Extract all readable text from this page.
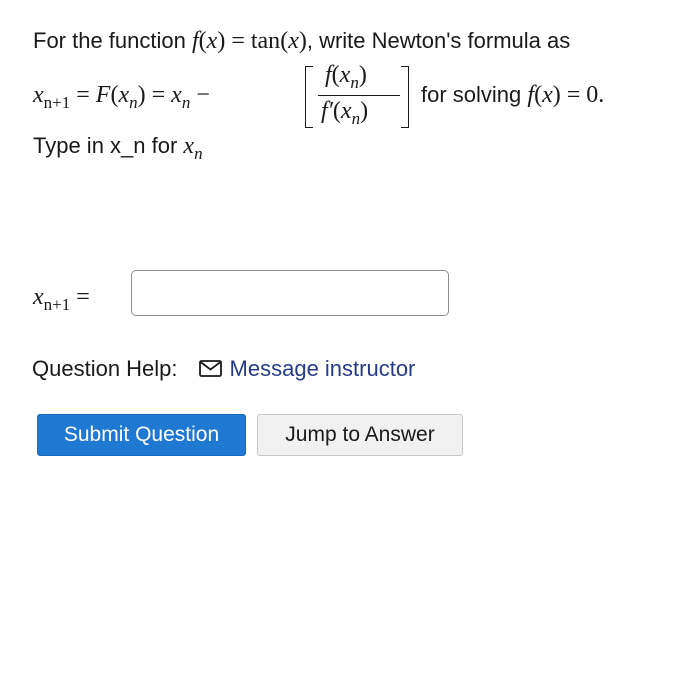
For the function f(x) = tan(x), write Newton's formula as
$x_{n+1} = F(x_n) = x_n$ −
$f(x_n)$
$f'(x_n)$
for solving f(x) = 0.
Type in x_n for $x_n$
$x_{n+1}$ =
Question Help: Message instructor
Submit Question	Jump to Answer
